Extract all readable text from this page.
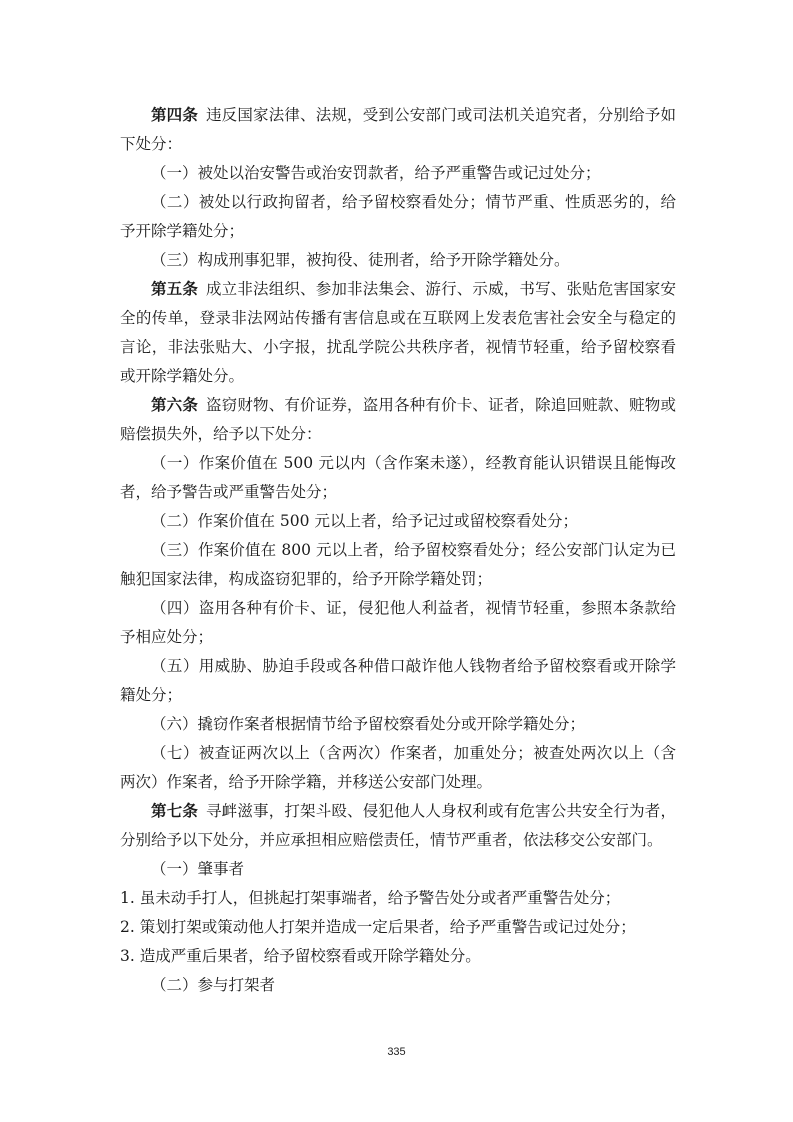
第四条 违反国家法律、法规，受到公安部门或司法机关追究者，分别给予如下处分：

（一）被处以治安警告或治安罚款者，给予严重警告或记过处分；

（二）被处以行政拘留者，给予留校察看处分；情节严重、性质恶劣的，给予开除学籍处分；

（三）构成刑事犯罪，被拘役、徒刑者，给予开除学籍处分。

第五条 成立非法组织、参加非法集会、游行、示威，书写、张贴危害国家安全的传单，登录非法网站传播有害信息或在互联网上发表危害社会安全与稳定的言论，非法张贴大、小字报，扰乱学院公共秩序者，视情节轻重，给予留校察看或开除学籍处分。

第六条 盗窃财物、有价证券，盗用各种有价卡、证者，除追回赃款、赃物或赔偿损失外，给予以下处分：

（一）作案价值在 500 元以内（含作案未遂），经教育能认识错误且能悔改者，给予警告或严重警告处分；

（二）作案价值在 500 元以上者，给予记过或留校察看处分；

（三）作案价值在 800 元以上者，给予留校察看处分；经公安部门认定为已触犯国家法律，构成盗窃犯罪的，给予开除学籍处罚；

（四）盗用各种有价卡、证，侵犯他人利益者，视情节轻重，参照本条款给予相应处分；

（五）用威胁、胁迫手段或各种借口敲诈他人钱物者给予留校察看或开除学籍处分；

（六）撬窃作案者根据情节给予留校察看处分或开除学籍处分；

（七）被查证两次以上（含两次）作案者，加重处分；被查处两次以上（含两次）作案者，给予开除学籍，并移送公安部门处理。

第七条 寻衅滋事，打架斗殴、侵犯他人人身权利或有危害公共安全行为者，分别给予以下处分，并应承担相应赔偿责任，情节严重者，依法移交公安部门。

（一）肇事者

1. 虽未动手打人，但挑起打架事端者，给予警告处分或者严重警告处分；

2. 策划打架或策动他人打架并造成一定后果者，给予严重警告或记过处分；

3. 造成严重后果者，给予留校察看或开除学籍处分。

（二）参与打架者

335
